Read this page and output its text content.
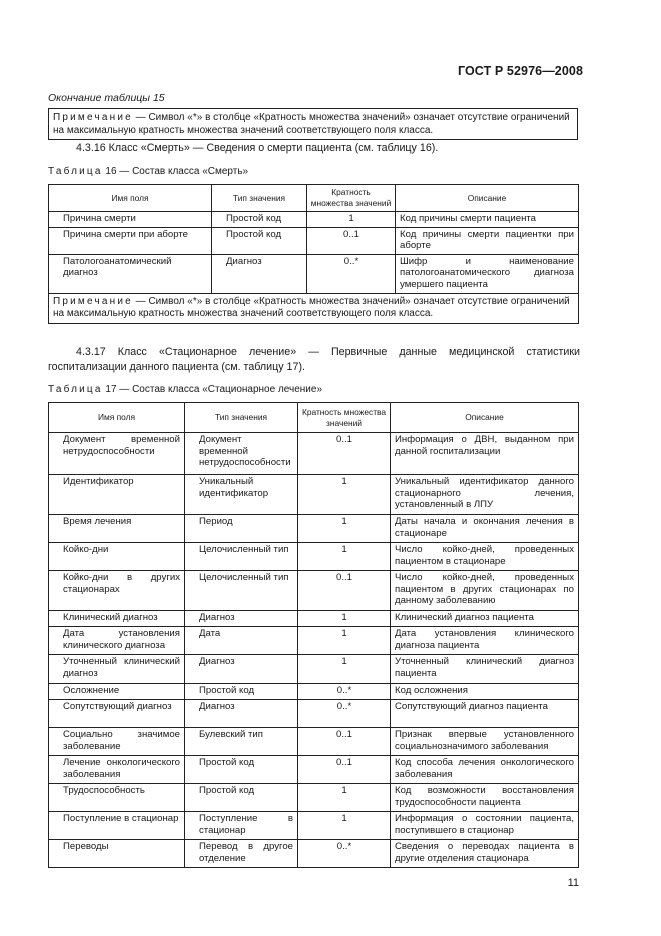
ГОСТ Р 52976—2008
Окончание таблицы 15
Примечание — Символ «*» в столбце «Кратность множества значений» означает отсутствие ограничений на максимальную кратность множества значений соответствующего поля класса.
4.3.16 Класс «Смерть» — Сведения о смерти пациента (см. таблицу 16).
Таблица 16 — Состав класса «Смерть»
Имя поля	Тип значения	Кратность множества значений	Описание
Причина смерти	Простой код	1	Код причины смерти пациента
Причина смерти при аборте	Простой код	0..1	Код причины смерти пациентки при аборте
Патологоанатомический диагноз	Диагноз	0..*	Шифр и наименование патологоанатомического диагноза умершего пациента
Примечание — Символ «*» в столбце «Кратность множества значений» означает отсутствие ограничений на максимальную кратность множества значений соответствующего поля класса.			
4.3.17 Класс «Стационарное лечение» — Первичные данные медицинской статистики госпитализации данного пациента (см. таблицу 17).
Таблица 17 — Состав класса «Стационарное лечение»
Имя поля	Тип значения	Кратность множества значений	Описание
Документ временной нетрудоспособности	Документ временной нетрудоспособности	0..1	Информация о ДВН, выданном при данной госпитализации
Идентификатор	Уникальный идентификатор	1	Уникальный идентификатор данного стационарного лечения, установленный в ЛПУ
Время лечения	Период	1	Даты начала и окончания лечения в стационаре
Койко-дни	Целочисленный тип	1	Число койко-дней, проведенных пациентом в стационаре
Койко-дни в других стационарах	Целочисленный тип	0..1	Число койко-дней, проведенных пациентом в других стационарах по данному заболеванию
Клинический диагноз	Диагноз	1	Клинический диагноз пациента
Дата установления клинического диагноза	Дата	1	Дата установления клинического диагноза пациента
Уточненный клинический диагноз	Диагноз	1	Уточненный клинический диагноз пациента
Осложнение	Простой код	0..*	Код осложнения
Сопутствующий диагноз	Диагноз	0..*	Сопутствующий диагноз пациента
Социально значимое заболевание	Булевский тип	0..1	Признак впервые установленного социальнозначимого заболевания
Лечение онкологического заболевания	Простой код	0..1	Код способа лечения онкологического заболевания
Трудоспособность	Простой код	1	Код возможности восстановления трудоспособности пациента
Поступление в стационар	Поступление в стационар	1	Информация о состоянии пациента, поступившего в стационар
Переводы	Перевод в другое отделение	0..*	Сведения о переводах пациента в другие отделения стационара
11
